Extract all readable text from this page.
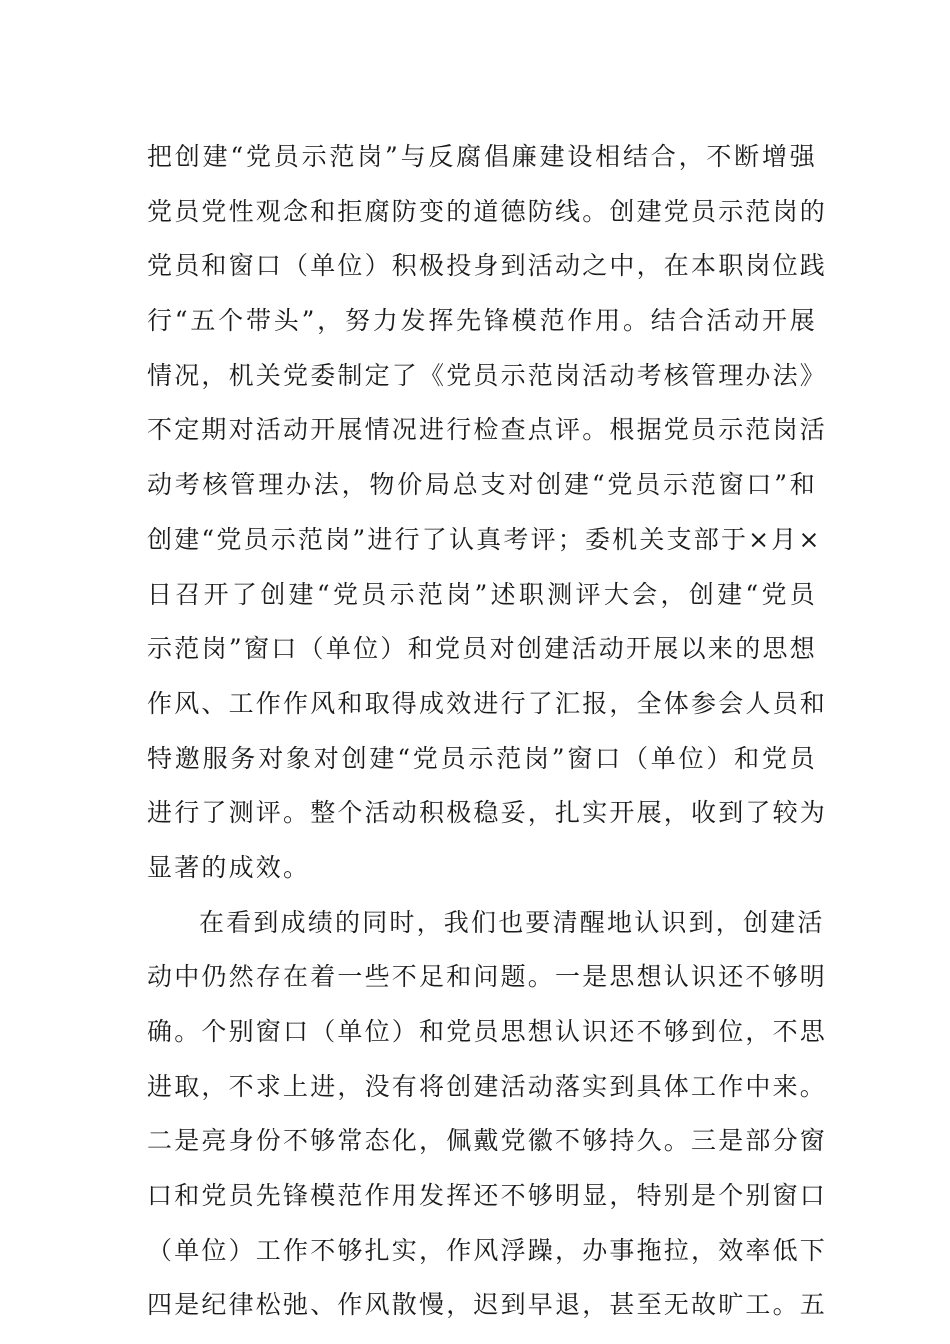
把创建“党员示范岗”与反腐倡廉建设相结合，不断增强
党员党性观念和拒腐防变的道德防线。创建党员示范岗的
党员和窗口（单位）积极投身到活动之中，在本职岗位践
行“五个带头”，努力发挥先锋模范作用。结合活动开展
情况，机关党委制定了《党员示范岗活动考核管理办法》
不定期对活动开展情况进行检查点评。根据党员示范岗活
动考核管理办法，物价局总支对创建“党员示范窗口”和
创建“党员示范岗”进行了认真考评；委机关支部于×月×
日召开了创建“党员示范岗”述职测评大会，创建“党员
示范岗”窗口（单位）和党员对创建活动开展以来的思想
作风、工作作风和取得成效进行了汇报，全体参会人员和
特邀服务对象对创建“党员示范岗”窗口（单位）和党员
进行了测评。整个活动积极稳妥，扎实开展，收到了较为
显著的成效。
在看到成绩的同时，我们也要清醒地认识到，创建活
动中仍然存在着一些不足和问题。一是思想认识还不够明
确。个别窗口（单位）和党员思想认识还不够到位，不思
进取，不求上进，没有将创建活动落实到具体工作中来。
二是亮身份不够常态化，佩戴党徽不够持久。三是部分窗
口和党员先锋模范作用发挥还不够明显，特别是个别窗口
（单位）工作不够扎实，作风浮躁，办事拖拉，效率低下
四是纪律松弛、作风散慢，迟到早退，甚至无故旷工。五
